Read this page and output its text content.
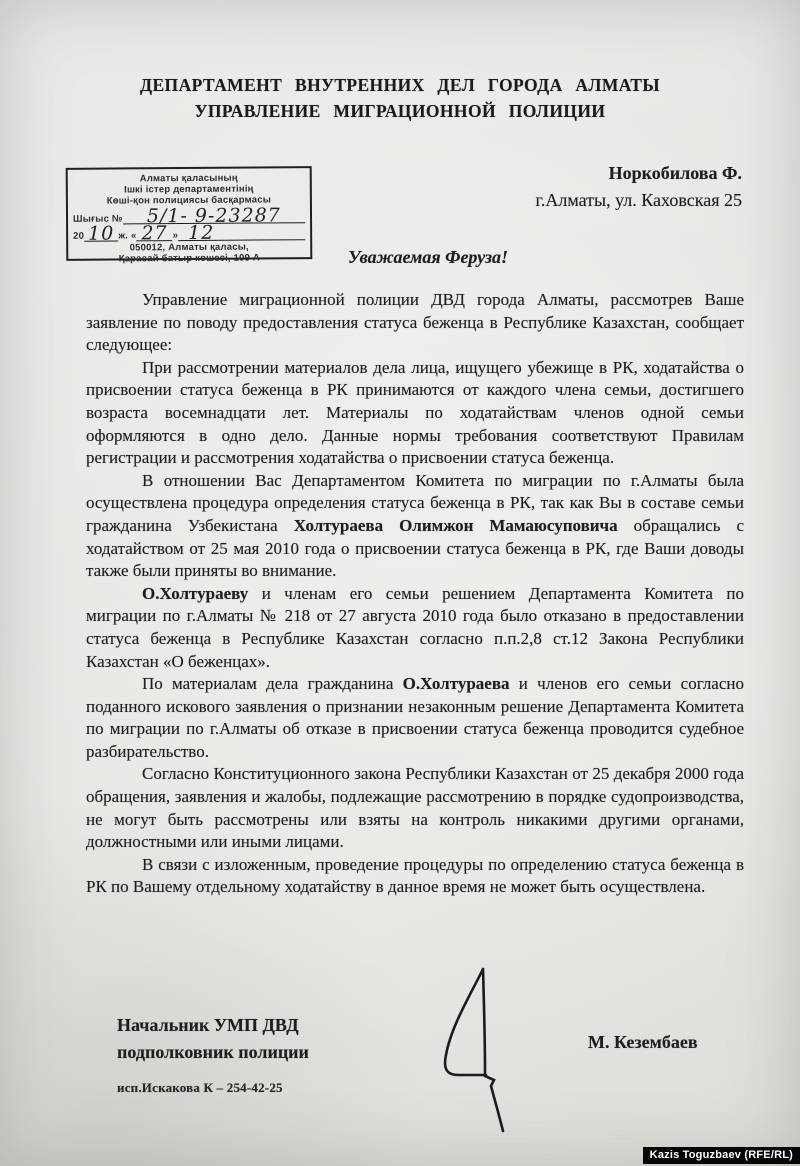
ДЕПАРТАМЕНТ ВНУТРЕННИХ ДЕЛ ГОРОДА АЛМАТЫ
УПРАВЛЕНИЕ МИГРАЦИОННОЙ ПОЛИЦИИ
Алматы қаласының
Ішкі істер департаментінің
Көші-қон полициясы басқармасы
Шығыс №	5/1- 9-23287
20 10 ж. « 27 » 12
050012, Алматы қаласы,
Қарасай батыр көшесі, 109 А
Норкобилова Ф.
г.Алматы, ул. Каховская 25
Уважаемая Феруза!

Управление миграционной полиции ДВД города Алматы, рассмотрев Ваше заявление по поводу предоставления статуса беженца в Республике Казахстан, сообщает следующее:

При рассмотрении материалов дела лица, ищущего убежище в РК, ходатайства о присвоении статуса беженца в РК принимаются от каждого члена семьи, достигшего возраста восемнадцати лет. Материалы по ходатайствам членов одной семьи оформляются в одно дело. Данные нормы требования соответствуют Правилам регистрации и рассмотрения ходатайства о присвоении статуса беженца.

В отношении Вас Департаментом Комитета по миграции по г.Алматы была осуществлена процедура определения статуса беженца в РК, так как Вы в составе семьи гражданина Узбекистана Холтураева Олимжон Мамаюсуповича обращались с ходатайством от 25 мая 2010 года о присвоении статуса беженца в РК, где Ваши доводы также были приняты во внимание.

О.Холтураеву и членам его семьи решением Департамента Комитета по миграции по г.Алматы № 218 от 27 августа 2010 года было отказано в предоставлении статуса беженца в Республике Казахстан согласно п.п.2,8 ст.12 Закона Республики Казахстан «О беженцах».

По материалам дела гражданина О.Холтураева и членов его семьи согласно поданного искового заявления о признании незаконным решение Департамента Комитета по миграции по г.Алматы об отказе в присвоении статуса беженца проводится судебное разбирательство.

Согласно Конституционного закона Республики Казахстан от 25 декабря 2000 года обращения, заявления и жалобы, подлежащие рассмотрению в порядке судопроизводства, не могут быть рассмотрены или взяты на контроль никакими другими органами, должностными или иными лицами.

В связи с изложенным, проведение процедуры по определению статуса беженца в РК по Вашему отдельному ходатайству в данное время не может быть осуществлена.

Начальник УМП ДВД
подполковник полиции	М. Кезембаев
исп.Искакова К – 254-42-25
Kazis Toguzbaev (RFE/RL)
